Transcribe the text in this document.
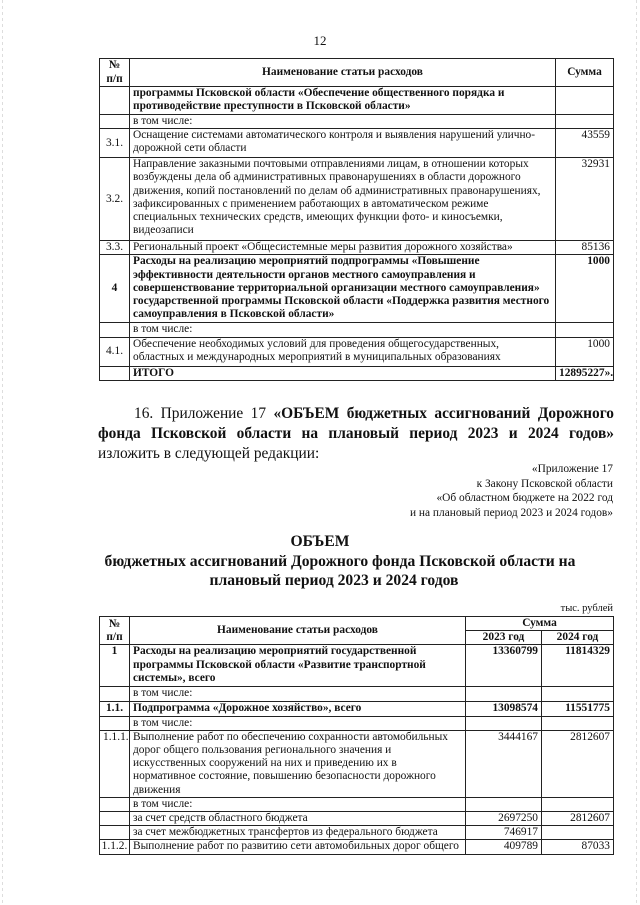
12
№ п/п	Наименование статьи расходов	Сумма
	программы Псковской области «Обеспечение общественного порядка и противодействие преступности в Псковской области»	
	в том числе:	
3.1.	Оснащение системами автоматического контроля и выявления нарушений улично-дорожной сети области	43559
3.2.	Направление заказными почтовыми отправлениями лицам, в отношении которых возбуждены дела об административных правонарушениях в области дорожного движения, копий постановлений по делам об административных правонарушениях, зафиксированных с применением работающих в автоматическом режиме специальных технических средств, имеющих функции фото- и киносъемки, видеозаписи	32931
3.3.	Региональный проект «Общесистемные меры развития дорожного хозяйства»	85136
4	Расходы на реализацию мероприятий подпрограммы «Повышение эффективности деятельности органов местного самоуправления и совершенствование территориальной организации местного самоуправления» государственной программы Псковской области «Поддержка развития местного самоуправления в Псковской области»	1000
	в том числе:	
4.1.	Обеспечение необходимых условий для проведения общегосударственных, областных и международных мероприятий в муниципальных образованиях	1000
	ИТОГО	12895227».
16. Приложение 17 «ОБЪЕМ бюджетных ассигнований Дорожного фонда Псковской области на плановый период 2023 и 2024 годов» изложить в следующей редакции:
«Приложение 17
к Закону Псковской области
«Об областном бюджете на 2022 год
и на плановый период 2023 и 2024 годов»
ОБЪЕМ
бюджетных ассигнований Дорожного фонда Псковской области на
плановый период 2023 и 2024 годов
тыс. рублей
№ п/п	Наименование статьи расходов	Сумма	
		2023 год	2024 год
1	Расходы на реализацию мероприятий государственной программы Псковской области «Развитие транспортной системы», всего	13360799	11814329
	в том числе:		
1.1.	Подпрограмма «Дорожное хозяйство», всего	13098574	11551775
	в том числе:		
1.1.1.	Выполнение работ по обеспечению сохранности автомобильных дорог общего пользования регионального значения и искусственных сооружений на них и приведению их в нормативное состояние, повышению безопасности дорожного движения	3444167	2812607
	в том числе:		
	за счет средств областного бюджета	2697250	2812607
	за счет межбюджетных трансфертов из федерального бюджета	746917	
1.1.2.	Выполнение работ по развитию сети автомобильных дорог общего	409789	87033
